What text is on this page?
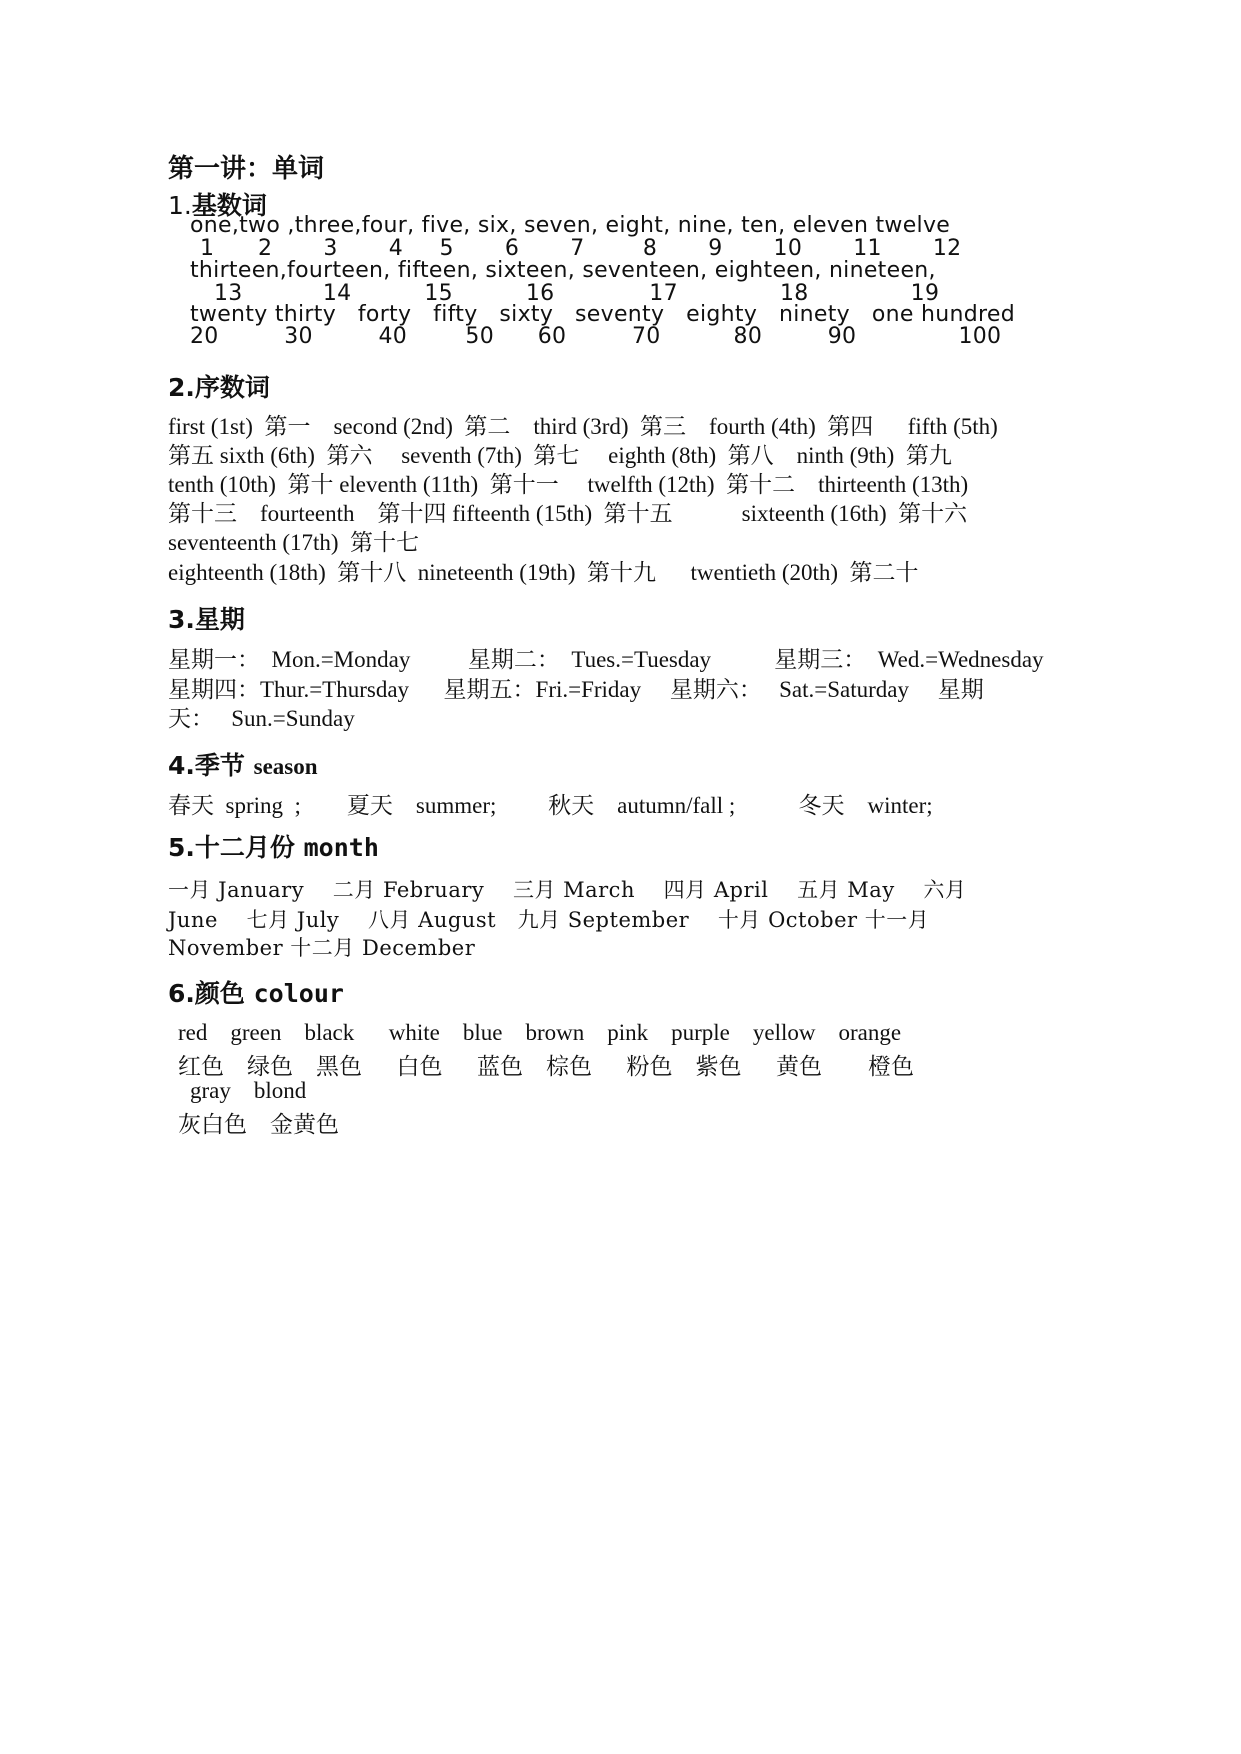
第一讲：单词
1.基数词
one,two ,three,four, five, six, seven, eight, nine, ten, eleven twelve
1      2       3       4     5       6       7        8       9       10       11       12
thirteen,fourteen, fifteen, sixteen, seventeen, eighteen, nineteen,
13           14          15          16             17              18              19
twenty thirty   forty   fifty   sixty   seventy   eighty   ninety   one hundred
20         30         40        50      60         70          80         90              100
2.序数词
first (1st)  第一    second (2nd)  第二    third (3rd)  第三    fourth (4th)  第四      fifth (5th)
第五 sixth (6th)  第六     seventh (7th)  第七     eighth (8th)  第八    ninth (9th)  第九
tenth (10th)  第十 eleventh (11th)  第十一     twelfth (12th)  第十二    thirteenth (13th)
第十三    fourteenth    第十四 fifteenth (15th)  第十五            sixteenth (16th)  第十六
seventeenth (17th)  第十七
eighteenth (18th)  第十八  nineteenth (19th)  第十九      twentieth (20th)  第二十
3.星期
星期一：  Mon.=Monday          星期二：  Tues.=Tuesday           星期三：  Wed.=Wednesday
星期四：Thur.=Thursday      星期五：Fri.=Friday     星期六：   Sat.=Saturday     星期
天：   Sun.=Sunday
4.季节 season
春天  spring  ;        夏天    summer;         秋天    autumn/fall ;           冬天    winter;
5.十二月份 month
一月 January    二月 February    三月 March    四月 April    五月 May    六月
June    七月 July    八月 August   九月 September    十月 October 十一月
November 十二月 December
6.颜色 colour
red    green    black      white    blue    brown    pink    purple    yellow    orange
红色    绿色    黑色      白色      蓝色    棕色      粉色    紫色      黄色        橙色
gray    blond
灰白色    金黄色
